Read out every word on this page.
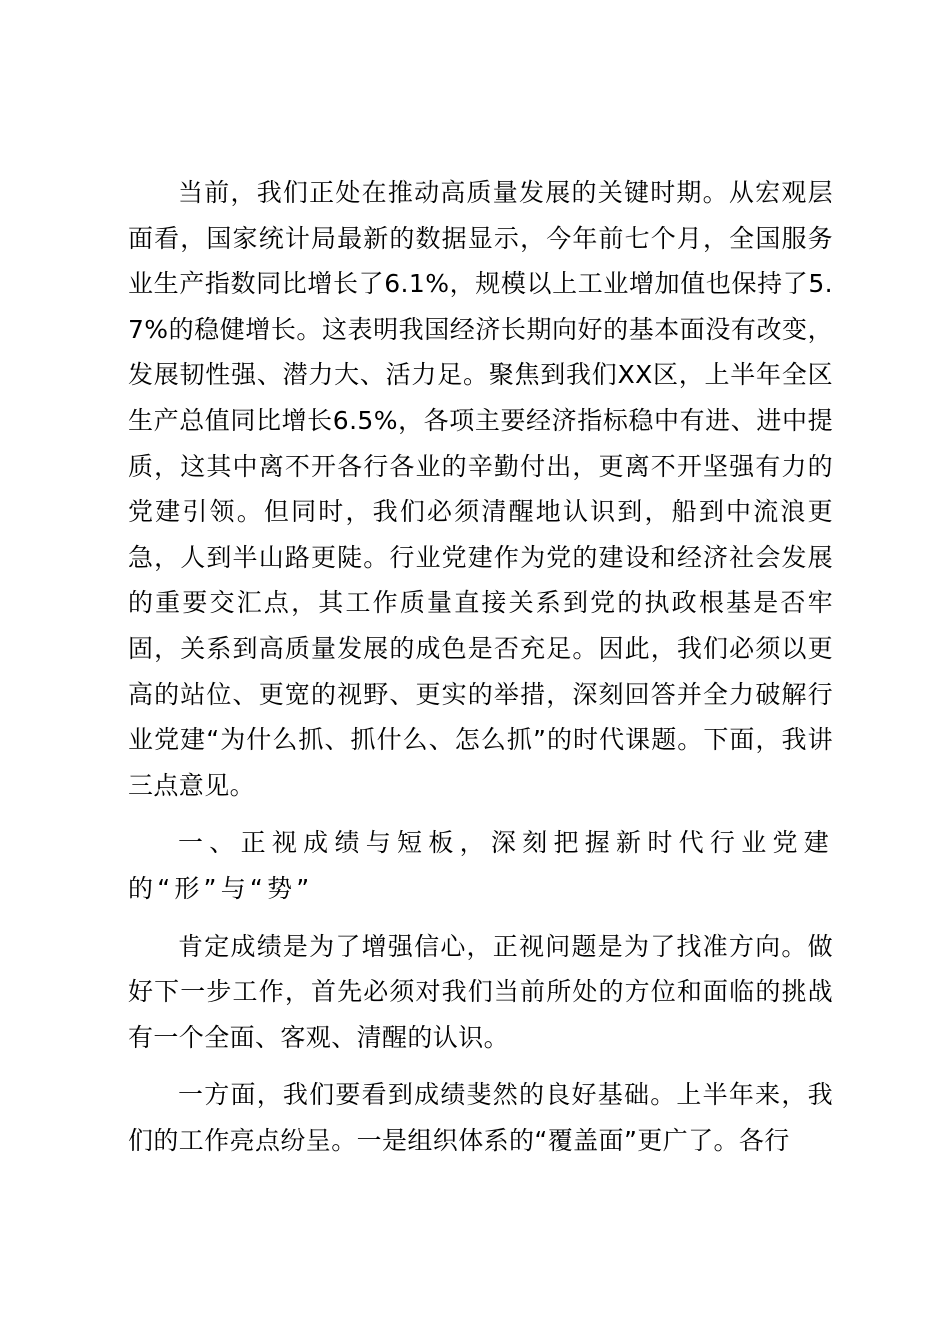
当前，我们正处在推动高质量发展的关键时期。从宏观层面看，国家统计局最新的数据显示，今年前七个月，全国服务业生产指数同比增长了6.1%，规模以上工业增加值也保持了5.7%的稳健增长。这表明我国经济长期向好的基本面没有改变，发展韧性强、潜力大、活力足。聚焦到我们XX区，上半年全区生产总值同比增长6.5%，各项主要经济指标稳中有进、进中提质，这其中离不开各行各业的辛勤付出，更离不开坚强有力的党建引领。但同时，我们必须清醒地认识到，船到中流浪更急，人到半山路更陡。行业党建作为党的建设和经济社会发展的重要交汇点，其工作质量直接关系到党的执政根基是否牢固，关系到高质量发展的成色是否充足。因此，我们必须以更高的站位、更宽的视野、更实的举措，深刻回答并全力破解行业党建“为什么抓、抓什么、怎么抓”的时代课题。下面，我讲三点意见。

一、正视成绩与短板，深刻把握新时代行业党建的“形”与“势”

肯定成绩是为了增强信心，正视问题是为了找准方向。做好下一步工作，首先必须对我们当前所处的方位和面临的挑战有一个全面、客观、清醒的认识。

一方面，我们要看到成绩斐然的良好基础。上半年来，我们的工作亮点纷呈。一是组织体系的“覆盖面”更广了。各行
